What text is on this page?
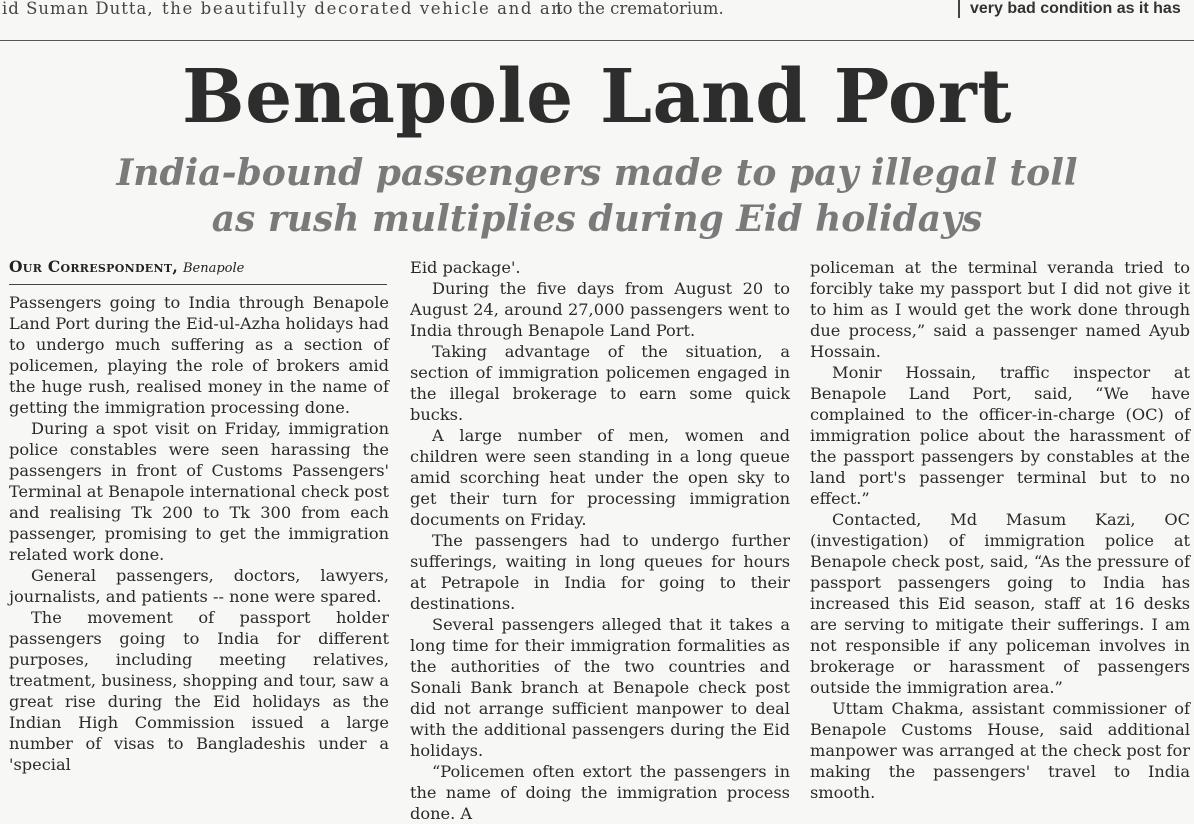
id Suman Dutta, the beautifully decorated vehicle and an
to the crematorium.	very bad condition as it has
Benapole Land Port
India-bound passengers made to pay illegal toll as rush multiplies during Eid holidays
Our Correspondent, Benapole

Passengers going to India through Benapole Land Port during the Eid-ul-Azha holidays had to undergo much suffering as a section of policemen, playing the role of brokers amid the huge rush, realised money in the name of getting the immigration processing done.

During a spot visit on Friday, immigration police constables were seen harassing the passengers in front of Customs Passengers' Terminal at Benapole international check post and realising Tk 200 to Tk 300 from each passenger, promising to get the immigration related work done.

General passengers, doctors, lawyers, journalists, and patients -- none were spared.

The movement of passport holder passengers going to India for different purposes, including meeting relatives, treatment, business, shopping and tour, saw a great rise during the Eid holidays as the Indian High Commission issued a large number of visas to Bangladeshis under a 'special

Eid package'.

During the five days from August 20 to August 24, around 27,000 passengers went to India through Benapole Land Port.

Taking advantage of the situation, a section of immigration policemen engaged in the illegal brokerage to earn some quick bucks.

A large number of men, women and children were seen standing in a long queue amid scorching heat under the open sky to get their turn for processing immigration documents on Friday.

The passengers had to undergo further sufferings, waiting in long queues for hours at Petrapole in India for going to their destinations.

Several passengers alleged that it takes a long time for their immigration formalities as the authorities of the two countries and Sonali Bank branch at Benapole check post did not arrange sufficient manpower to deal with the additional passengers during the Eid holidays.

“Policemen often extort the passengers in the name of doing the immigration process done. A

policeman at the terminal veranda tried to forcibly take my passport but I did not give it to him as I would get the work done through due process,” said a passenger named Ayub Hossain.

Monir Hossain, traffic inspector at Benapole Land Port, said, “We have complained to the officer-in-charge (OC) of immigration police about the harassment of the passport passengers by constables at the land port's passenger terminal but to no effect.”

Contacted, Md Masum Kazi, OC (investigation) of immigration police at Benapole check post, said, “As the pressure of passport passengers going to India has increased this Eid season, staff at 16 desks are serving to mitigate their sufferings. I am not responsible if any policeman involves in brokerage or harassment of passengers outside the immigration area.”

Uttam Chakma, assistant commissioner of Benapole Customs House, said additional manpower was arranged at the check post for making the passengers' travel to India smooth.
